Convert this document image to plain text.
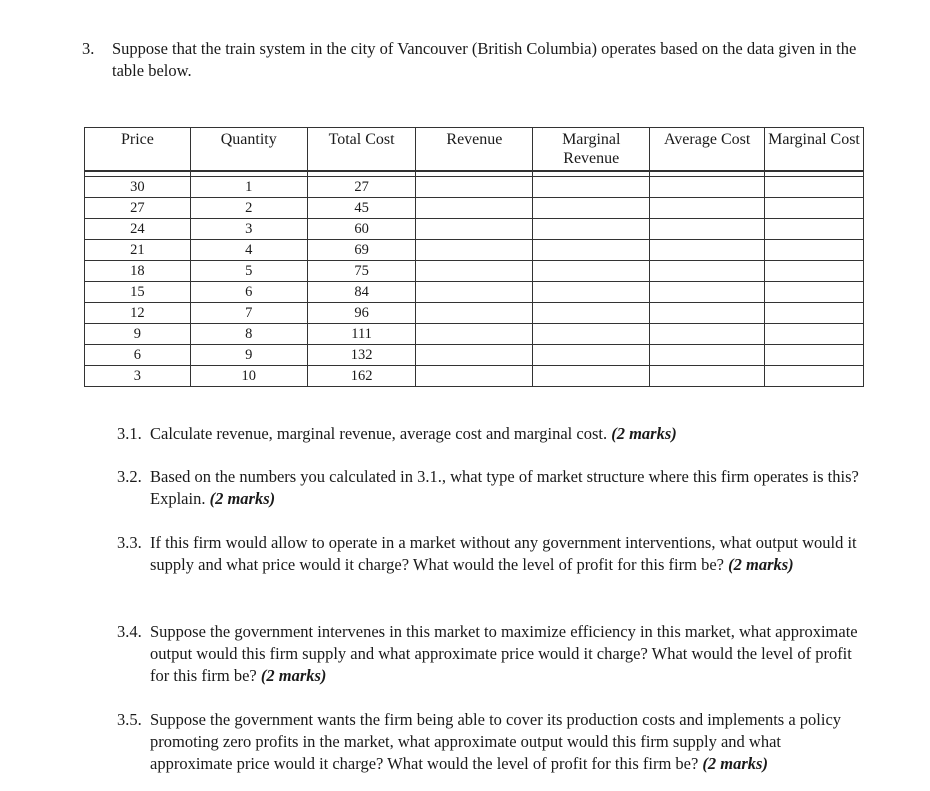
3. Suppose that the train system in the city of Vancouver (British Columbia) operates based on the data given in the table below.
Price	Quantity	Total Cost	Revenue	Marginal Revenue	Average Cost	Marginal Cost

30	1	27				
27	2	45				
24	3	60				
21	4	69				
18	5	75				
15	6	84				
12	7	96				
9	8	111				
6	9	132				
3	10	162				
3.1. Calculate revenue, marginal revenue, average cost and marginal cost. (2 marks)
3.2. Based on the numbers you calculated in 3.1., what type of market structure where this firm operates is this? Explain. (2 marks)
3.3. If this firm would allow to operate in a market without any government interventions, what output would it supply and what price would it charge? What would the level of profit for this firm be? (2 marks)
3.4. Suppose the government intervenes in this market to maximize efficiency in this market, what approximate output would this firm supply and what approximate price would it charge? What would the level of profit for this firm be? (2 marks)
3.5. Suppose the government wants the firm being able to cover its production costs and implements a policy promoting zero profits in the market, what approximate output would this firm supply and what approximate price would it charge? What would the level of profit for this firm be? (2 marks)
